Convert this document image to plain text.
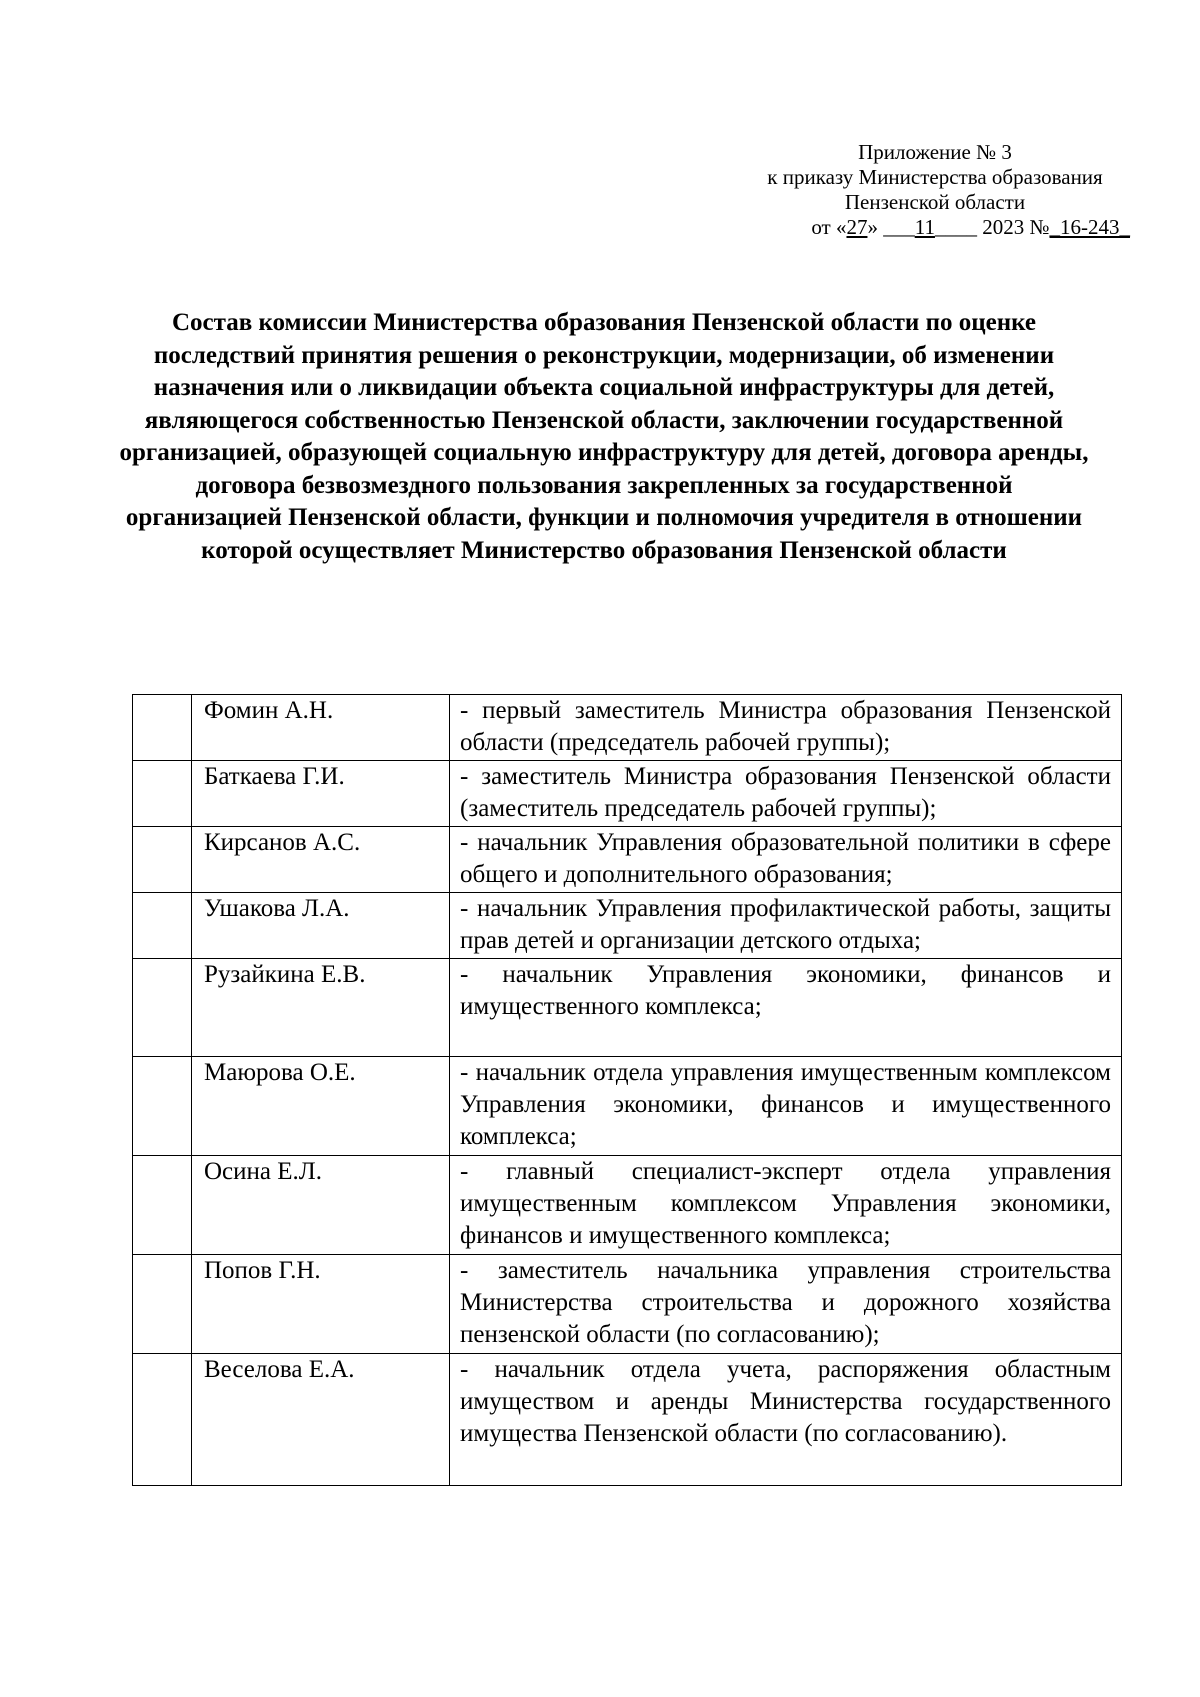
Приложение № 3
к приказу Министерства образования
Пензенской области
от «27» ___11____ 2023 №_16-243_
Состав комиссии Министерства образования Пензенской области по оценке последствий принятия решения о реконструкции, модернизации, об изменении назначения или о ликвидации объекта социальной инфраструктуры для детей, являющегося собственностью Пензенской области, заключении государственной организацией, образующей социальную инфраструктуру для детей, договора аренды, договора безвозмездного пользования закрепленных за государственной организацией Пензенской области, функции и полномочия учредителя в отношении которой осуществляет Министерство образования Пензенской области
	Фомин А.Н.	- первый заместитель Министра образования Пензенской области (председатель рабочей группы);
	Баткаева Г.И.	- заместитель Министра образования Пензенской области (заместитель председатель рабочей группы);
	Кирсанов А.С.	- начальник Управления образовательной политики в сфере общего и дополнительного образования;
	Ушакова Л.А.	- начальник Управления профилактической работы, защиты прав детей и организации детского отдыха;
	Рузайкина Е.В.	- начальник Управления экономики, финансов и имущественного комплекса;
	Маюрова О.Е.	- начальник отдела управления имущественным комплексом Управления экономики, финансов и имущественного комплекса;
	Осина Е.Л.	- главный специалист-эксперт отдела управления имущественным комплексом Управления экономики, финансов и имущественного комплекса;
	Попов Г.Н.	- заместитель начальника управления строительства Министерства строительства и дорожного хозяйства пензенской области (по согласованию);
	Веселова Е.А.	- начальник отдела учета, распоряжения областным имуществом и аренды Министерства государственного имущества Пензенской области (по согласованию).
